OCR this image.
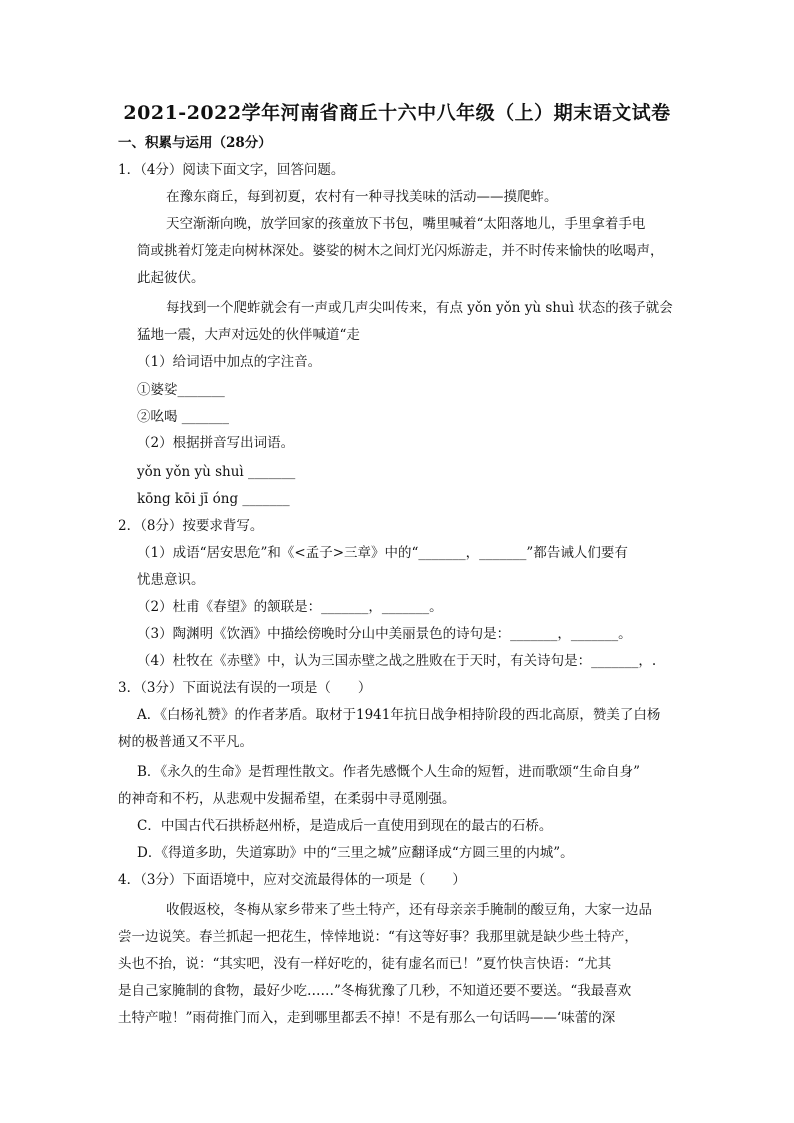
2021-2022学年河南省商丘十六中八年级（上）期末语文试卷
一、积累与运用（28分）
1．（4分）阅读下面文字，回答问题。
在豫东商丘，每到初夏，农村有一种寻找美味的活动——摸爬蚱。
天空渐渐向晚，放学回家的孩童放下书包，嘴里喊着“太阳落地儿，手里拿着手电
筒或挑着灯笼走向树林深处。婆娑的树木之间灯光闪烁游走，并不时传来愉快的吆喝声，
此起彼伏。
每找到一个爬蚱就会有一声或几声尖叫传来，有点 yǒn yǒn yù shuì 状态的孩子就会
猛地一震，大声对远处的伙伴喊道“走
（1）给词语中加点的字注音。
①婆娑_______
②吆喝 _______
（2）根据拼音写出词语。
yǒn yǒn yù shuì _______
kōng kōi jī óng _______
2．（8分）按要求背写。
（1）成语“居安思危”和《<孟子>三章》中的“_______，_______”都告诫人们要有
忧患意识。
（2）杜甫《春望》的颔联是：_______，_______。
（3）陶渊明《饮酒》中描绘傍晚时分山中美丽景色的诗句是：_______，_______。
（4）杜牧在《赤壁》中，认为三国赤壁之战之胜败在于天时，有关诗句是：_______，.
3．（3分）下面说法有误的一项是（　　）
A．《白杨礼赞》的作者茅盾。取材于1941年抗日战争相持阶段的西北高原，赞美了白杨
树的极普通又不平凡。
B．《永久的生命》是哲理性散文。作者先感慨个人生命的短暂，进而歌颂“生命自身”
的神奇和不朽，从悲观中发掘希望，在柔弱中寻觅刚强。
C．中国古代石拱桥赵州桥，是造成后一直使用到现在的最古的石桥。
D．《得道多助，失道寡助》中的“三里之城”应翻译成“方圆三里的内城”。
4．（3分）下面语境中，应对交流最得体的一项是（　　）
收假返校，冬梅从家乡带来了些土特产，还有母亲亲手腌制的酸豆角，大家一边品
尝一边说笑。春兰抓起一把花生，悻悻地说：“有这等好事？我那里就是缺少些土特产，
头也不抬，说：“其实吧，没有一样好吃的，徒有虚名而已！”夏竹快言快语：“尤其
是自己家腌制的食物，最好少吃……”冬梅犹豫了几秒，不知道还要不要送。“我最喜欢
土特产啦！”雨荷推门而入，走到哪里都丢不掉！不是有那么一句话吗——‘味蕾的深
